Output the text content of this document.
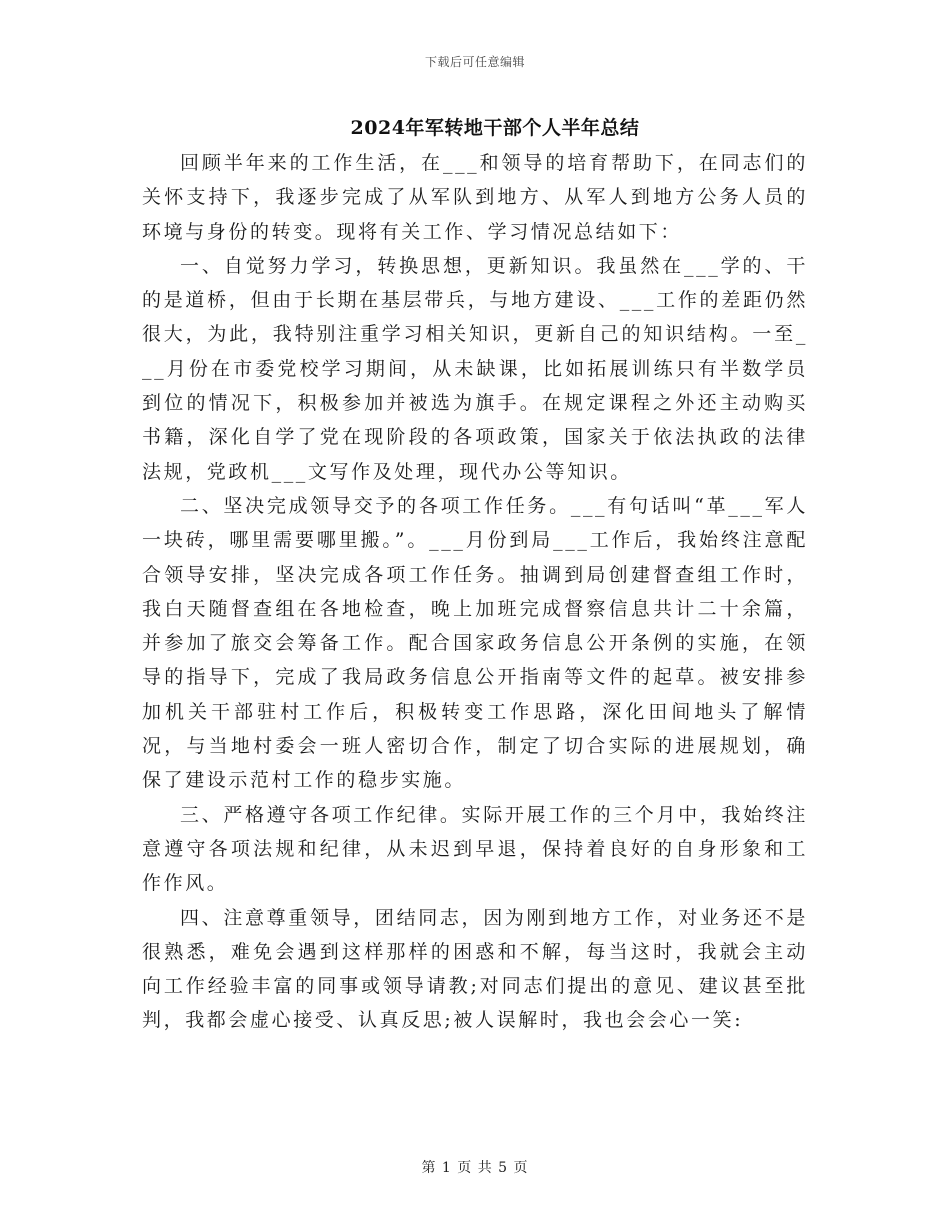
下载后可任意编辑
2024年军转地干部个人半年总结

回顾半年来的工作生活，在___和领导的培育帮助下，在同志们的关怀支持下，我逐步完成了从军队到地方、从军人到地方公务人员的环境与身份的转变。现将有关工作、学习情况总结如下：

一、自觉努力学习，转换思想，更新知识。我虽然在___学的、干的是道桥，但由于长期在基层带兵，与地方建设、___工作的差距仍然很大，为此，我特别注重学习相关知识，更新自己的知识结构。一至___月份在市委党校学习期间，从未缺课，比如拓展训练只有半数学员到位的情况下，积极参加并被选为旗手。在规定课程之外还主动购买书籍，深化自学了党在现阶段的各项政策，国家关于依法执政的法律法规，党政机___文写作及处理，现代办公等知识。

二、坚决完成领导交予的各项工作任务。___有句话叫“革___军人一块砖，哪里需要哪里搬。”。___月份到局___工作后，我始终注意配合领导安排，坚决完成各项工作任务。抽调到局创建督查组工作时，我白天随督查组在各地检查，晚上加班完成督察信息共计二十余篇，并参加了旅交会筹备工作。配合国家政务信息公开条例的实施，在领导的指导下，完成了我局政务信息公开指南等文件的起草。被安排参加机关干部驻村工作后，积极转变工作思路，深化田间地头了解情况，与当地村委会一班人密切合作，制定了切合实际的进展规划，确保了建设示范村工作的稳步实施。

三、严格遵守各项工作纪律。实际开展工作的三个月中，我始终注意遵守各项法规和纪律，从未迟到早退，保持着良好的自身形象和工作作风。

四、注意尊重领导，团结同志，因为刚到地方工作，对业务还不是很熟悉，难免会遇到这样那样的困惑和不解，每当这时，我就会主动向工作经验丰富的同事或领导请教;对同志们提出的意见、建议甚至批判，我都会虚心接受、认真反思;被人误解时，我也会会心一笑:

第 1 页 共 5 页
